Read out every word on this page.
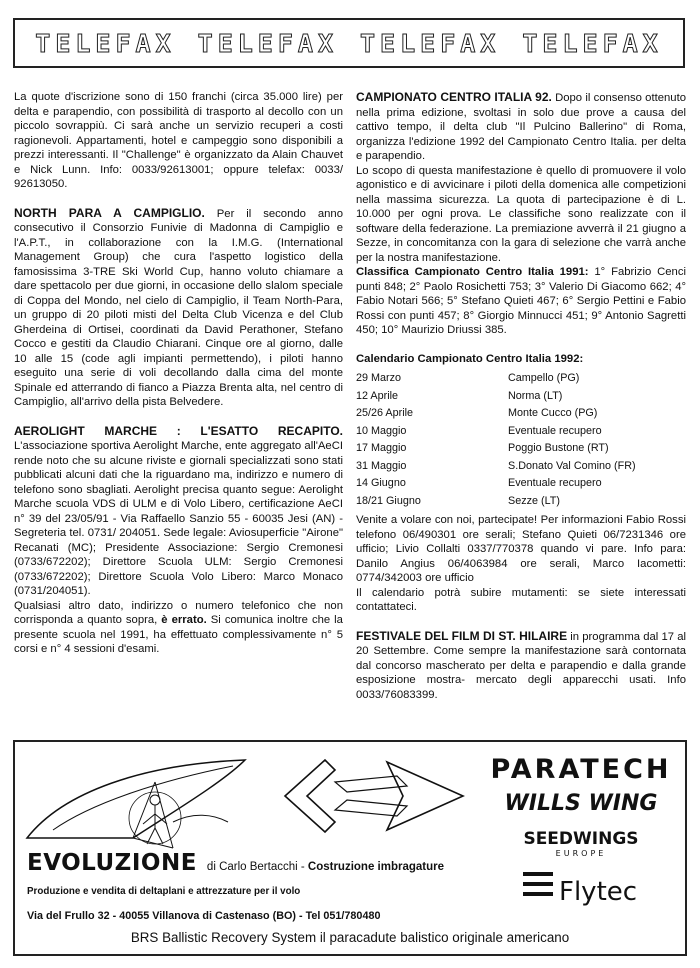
TELEFAX TELEFAX TELEFAX TELEFAX

La quote d'iscrizione sono di 150 franchi (circa 35.000 lire) per delta e parapendio, con possibilità di trasporto al decollo con un piccolo sovrappiù. Ci sarà anche un servizio recuperi a costi ragionevoli. Appartamenti, hotel e campeggio sono disponibili a prezzi interessanti. Il "Challenge" è organizzato da Alain Chauvet e Nick Lunn. Info: 0033/92613001; oppure telefax: 0033/ 92613050.

NORTH PARA A CAMPIGLIO. Per il secondo anno consecutivo il Consorzio Funivie di Madonna di Campiglio e l'A.P.T., in collaborazione con la I.M.G. (International Management Group) che cura l'aspetto logistico della famosissima 3-TRE Ski World Cup, hanno voluto chiamare a dare spettacolo per due giorni, in occasione dello slalom speciale di Coppa del Mondo, nel cielo di Campiglio, il Team North-Para, un gruppo di 20 piloti misti del Delta Club Vicenza e del Club Gherdeina di Ortisei, coordinati da David Perathoner, Stefano Cocco e gestiti da Claudio Chiarani. Cinque ore al giorno, dalle 10 alle 15 (code agli impianti permettendo), i piloti hanno eseguito una serie di voli decollando dalla cima del monte Spinale ed atterrando di fianco a Piazza Brenta alta, nel centro di Campiglio, all'arrivo della pista Belvedere.

AEROLIGHT MARCHE : L'ESATTO RECAPITO. L'associazione sportiva Aerolight Marche, ente aggregato all'AeCI rende noto che su alcune riviste e giornali specializzati sono stati pubblicati alcuni dati che la riguardano ma, indirizzo e numero di telefono sono sbagliati. Aerolight precisa quanto segue: Aerolight Marche scuola VDS di ULM e di Volo Libero, certificazione AeCI n° 39 del 23/05/91 - Via Raffaello Sanzio 55 - 60035 Jesi (AN) - Segreteria tel. 0731/ 204051. Sede legale: Aviosuperficie "Airone" Recanati (MC); Presidente Associazione: Sergio Cremonesi (0733/672202); Direttore Scuola ULM: Sergio Cremonesi (0733/672202); Direttore Scuola Volo Libero: Marco Monaco (0731/204051).

Qualsiasi altro dato, indirizzo o numero telefonico che non corrisponda a quanto sopra, è errato. Si comunica inoltre che la presente scuola nel 1991, ha effettuato complessivamente n° 5 corsi e n° 4 sessioni d'esami.

CAMPIONATO CENTRO ITALIA 92. Dopo il consenso ottenuto nella prima edizione, svoltasi in solo due prove a causa del cattivo tempo, il delta club "Il Pulcino Ballerino" di Roma, organizza l'edizione 1992 del Campionato Centro Italia. per delta e parapendio.

Lo scopo di questa manifestazione è quello di promuovere il volo agonistico e di avvicinare i piloti della domenica alle competizioni nella massima sicurezza. La quota di partecipazione è di L. 10.000 per ogni prova. Le classifiche sono realizzate con il software della federazione. La premiazione avverrà il 21 giugno a Sezze, in concomitanza con la gara di selezione che varrà anche per la nostra manifestazione.

Classifica Campionato Centro Italia 1991: 1° Fabrizio Cenci punti 848; 2° Paolo Rosichetti 753; 3° Valerio Di Giacomo 662; 4° Fabio Notari 566; 5° Stefano Quieti 467; 6° Sergio Pettini e Fabio Rossi con punti 457; 8° Giorgio Minnucci 451; 9° Antonio Sagretti 450; 10° Maurizio Driussi 385.

Calendario Campionato Centro Italia 1992:

29 Marzo	Campello (PG)
12 Aprile	Norma (LT)
25/26 Aprile	Monte Cucco (PG)
10 Maggio	Eventuale recupero
17 Maggio	Poggio Bustone (RT)
31 Maggio	S.Donato Val Comino (FR)
14 Giugno	Eventuale recupero
18/21 Giugno	Sezze (LT)

Venite a volare con noi, partecipate! Per informazioni Fabio Rossi telefono 06/490301 ore serali; Stefano Quieti 06/7231346 ore ufficio; Livio Collalti 0337/770378 quando vi pare. Info para: Danilo Angius 06/4063984 ore serali, Marco Iacometti: 0774/342003 ore ufficio

Il calendario potrà subire mutamenti: se siete interessati contattateci.

FESTIVALE DEL FILM DI ST. HILAIRE in programma dal 17 al 20 Settembre. Come sempre la manifestazione sarà contornata dal concorso mascherato per delta e parapendio e dalla grande esposizione mostra- mercato degli apparecchi usati. Info 0033/76083399.

PARATECH
WILLS WING
SEEDWINGS
EUROPE
Flytec
EVOLUZIONE di Carlo Bertacchi - Costruzione imbragature
Produzione e vendita di deltaplani e attrezzature per il volo
Via del Frullo 32 - 40055 Villanova di Castenaso (BO) - Tel 051/780480
BRS Ballistic Recovery System il paracadute balistico originale americano
